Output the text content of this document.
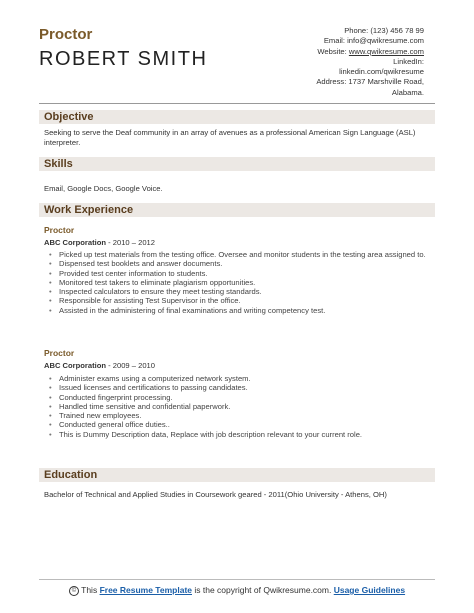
Proctor
ROBERT SMITH
Phone: (123) 456 78 99
Email: info@qwikresume.com
Website: www.qwikresume.com
LinkedIn:
linkedin.com/qwikresume
Address: 1737 Marshville Road,
Alabama.
Objective
Seeking to serve the Deaf community in an array of avenues as a professional American Sign Language (ASL) interpreter.
Skills
Email, Google Docs, Google Voice.
Work Experience
Proctor
ABC Corporation - 2010 – 2012
• Picked up test materials from the testing office. Oversee and monitor students in the testing area assigned to.
• Dispensed test booklets and answer documents.
• Provided test center information to students.
• Monitored test takers to eliminate plagiarism opportunities.
• Inspected calculators to ensure they meet testing standards.
• Responsible for assisting Test Supervisor in the office.
• Assisted in the administering of final examinations and writing competency test.
Proctor
ABC Corporation - 2009 – 2010
• Administer exams using a computerized network system.
• Issued licenses and certifications to passing candidates.
• Conducted fingerprint processing.
• Handled time sensitive and confidential paperwork.
• Trained new employees.
• Conducted general office duties..
• This is Dummy Description data, Replace with job description relevant to your current role.
Education
Bachelor of Technical and Applied Studies in Coursework geared - 2011(Ohio University - Athens, OH)
© This Free Resume Template is the copyright of Qwikresume.com. Usage Guidelines
